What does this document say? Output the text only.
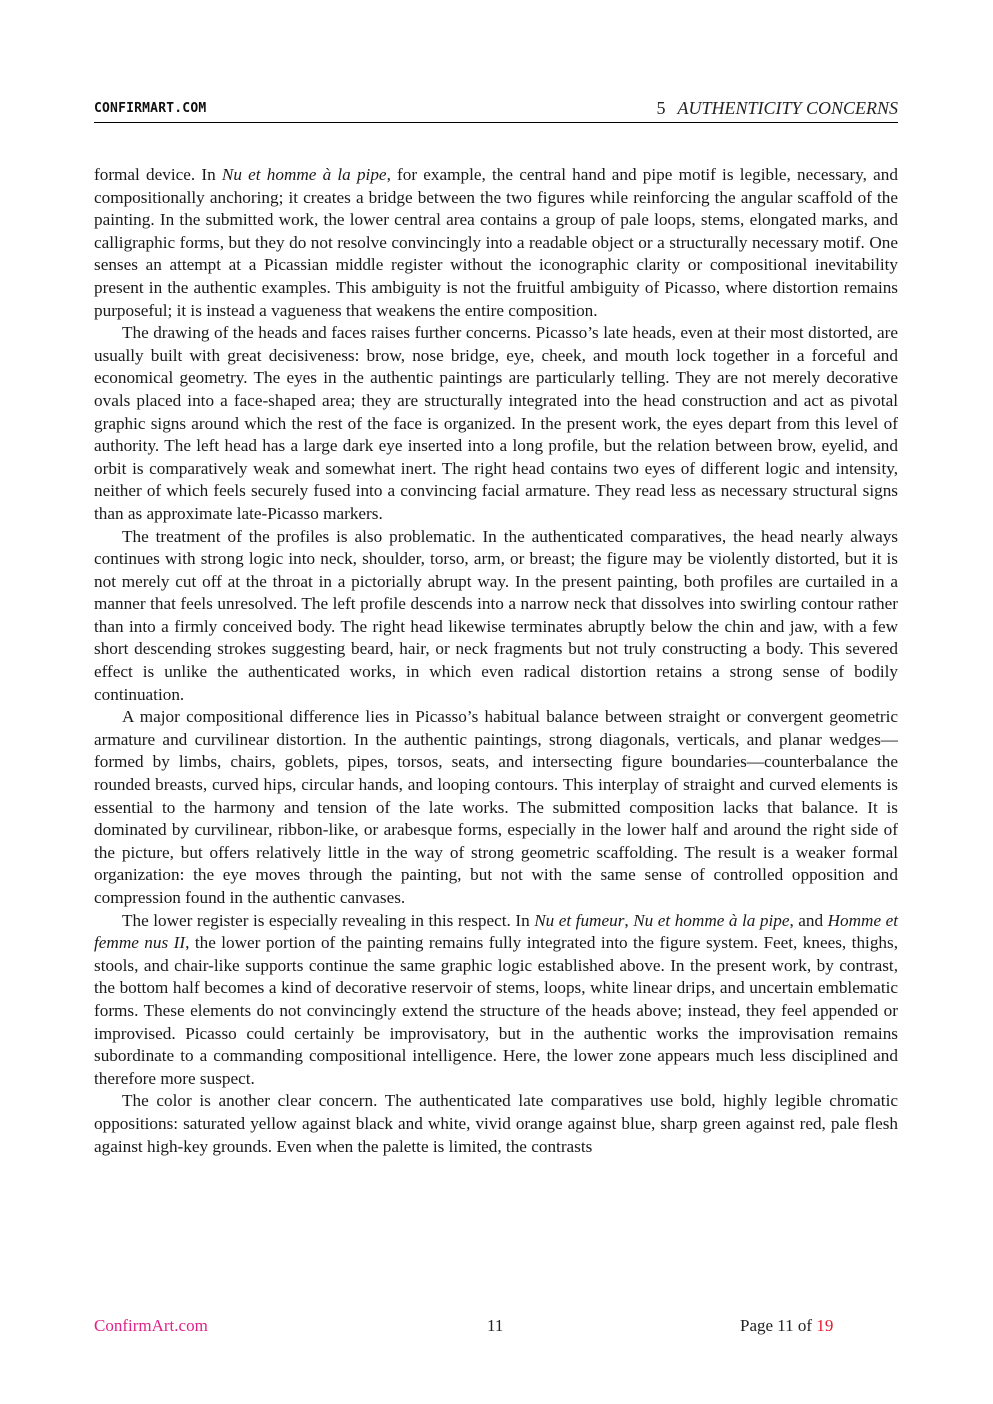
CONFIRMART.COM	5 AUTHENTICITY CONCERNS

formal device. In Nu et homme à la pipe, for example, the central hand and pipe motif is legible, necessary, and compositionally anchoring; it creates a bridge between the two figures while reinforcing the angular scaffold of the painting. In the submitted work, the lower central area contains a group of pale loops, stems, elongated marks, and calligraphic forms, but they do not resolve convincingly into a readable object or a structurally necessary motif. One senses an attempt at a Picassian middle register without the iconographic clarity or compositional inevitability present in the authentic examples. This ambiguity is not the fruitful ambiguity of Picasso, where distortion remains purposeful; it is instead a vagueness that weakens the entire composition.

The drawing of the heads and faces raises further concerns. Picasso’s late heads, even at their most distorted, are usually built with great decisiveness: brow, nose bridge, eye, cheek, and mouth lock together in a forceful and economical geometry. The eyes in the authentic paintings are particularly telling. They are not merely decorative ovals placed into a face-shaped area; they are structurally integrated into the head construction and act as pivotal graphic signs around which the rest of the face is organized. In the present work, the eyes depart from this level of authority. The left head has a large dark eye inserted into a long profile, but the relation between brow, eyelid, and orbit is comparatively weak and somewhat inert. The right head contains two eyes of different logic and intensity, neither of which feels securely fused into a convincing facial armature. They read less as necessary structural signs than as approximate late-Picasso markers.

The treatment of the profiles is also problematic. In the authenticated comparatives, the head nearly always continues with strong logic into neck, shoulder, torso, arm, or breast; the figure may be violently distorted, but it is not merely cut off at the throat in a pictorially abrupt way. In the present painting, both profiles are curtailed in a manner that feels unresolved. The left profile descends into a narrow neck that dissolves into swirling contour rather than into a firmly conceived body. The right head likewise terminates abruptly below the chin and jaw, with a few short descending strokes suggesting beard, hair, or neck fragments but not truly constructing a body. This severed effect is unlike the authenticated works, in which even radical distortion retains a strong sense of bodily continuation.

A major compositional difference lies in Picasso’s habitual balance between straight or convergent geometric armature and curvilinear distortion. In the authentic paintings, strong diagonals, verticals, and planar wedges—formed by limbs, chairs, goblets, pipes, torsos, seats, and intersecting figure boundaries—counterbalance the rounded breasts, curved hips, circular hands, and looping contours. This interplay of straight and curved elements is essential to the harmony and tension of the late works. The submitted composition lacks that balance. It is dominated by curvilinear, ribbon-like, or arabesque forms, especially in the lower half and around the right side of the picture, but offers relatively little in the way of strong geometric scaffolding. The result is a weaker formal organization: the eye moves through the painting, but not with the same sense of controlled opposition and compression found in the authentic canvases.

The lower register is especially revealing in this respect. In Nu et fumeur, Nu et homme à la pipe, and Homme et femme nus II, the lower portion of the painting remains fully integrated into the figure system. Feet, knees, thighs, stools, and chair-like supports continue the same graphic logic established above. In the present work, by contrast, the bottom half becomes a kind of decorative reservoir of stems, loops, white linear drips, and uncertain emblematic forms. These elements do not convincingly extend the structure of the heads above; instead, they feel appended or improvised. Picasso could certainly be improvisatory, but in the authentic works the improvisation remains subordinate to a commanding compositional intelligence. Here, the lower zone appears much less disciplined and therefore more suspect.

The color is another clear concern. The authenticated late comparatives use bold, highly legible chromatic oppositions: saturated yellow against black and white, vivid orange against blue, sharp green against red, pale flesh against high-key grounds. Even when the palette is limited, the contrasts

ConfirmArt.com	11	Page 11 of 19
